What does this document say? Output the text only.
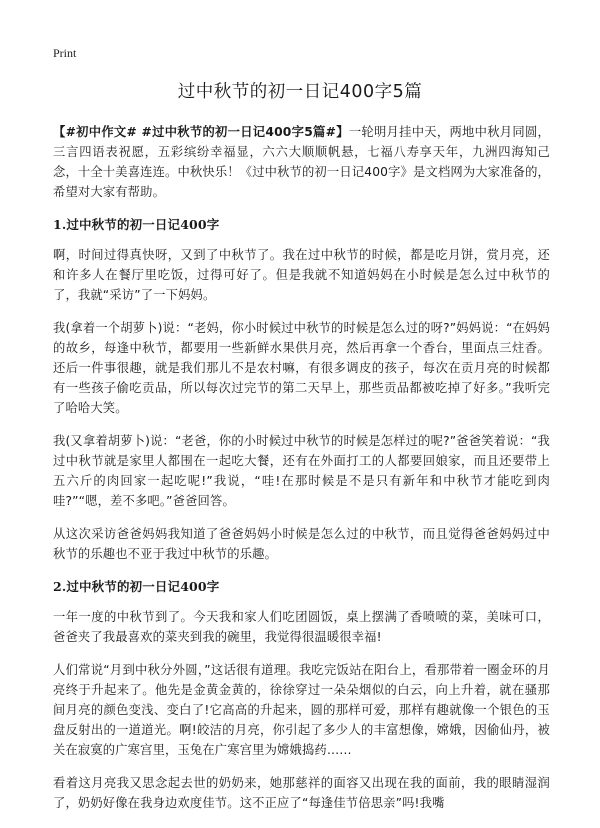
Print
过中秋节的初一日记400字5篇

【#初中作文# #过中秋节的初一日记400字5篇#】一轮明月挂中天，两地中秋月同圆，三言四语表祝愿，五彩缤纷幸福显，六六大顺顺帆悬，七福八寿享天年，九洲四海知己念，十全十美喜连连。中秋快乐！《过中秋节的初一日记400字》是文档网为大家准备的，希望对大家有帮助。

1.过中秋节的初一日记400字

啊，时间过得真快呀，又到了中秋节了。我在过中秋节的时候，都是吃月饼，赏月亮，还和许多人在餐厅里吃饭，过得可好了。但是我就不知道妈妈在小时候是怎么过中秋节的了，我就“采访”了一下妈妈。

我(拿着一个胡萝卜)说：“老妈，你小时候过中秋节的时候是怎么过的呀?”妈妈说：“在妈妈的故乡，每逢中秋节，都要用一些新鲜水果供月亮，然后再拿一个香台，里面点三炷香。还后一件事很趣，就是我们那儿不是农村嘛，有很多调皮的孩子，每次在贡月亮的时候都有一些孩子偷吃贡品，所以每次过完节的第二天早上，那些贡品都被吃掉了好多。”我听完了哈哈大笑。

我(又拿着胡萝卜)说：“老爸，你的小时候过中秋节的时候是怎样过的呢?”爸爸笑着说：“我过中秋节就是家里人都围在一起吃大餐，还有在外面打工的人都要回娘家，而且还要带上五六斤的肉回家一起吃呢!”我说，“哇!在那时候是不是只有新年和中秋节才能吃到肉哇?”“嗯，差不多吧。”爸爸回答。

从这次采访爸爸妈妈我知道了爸爸妈妈小时候是怎么过的中秋节，而且觉得爸爸妈妈过中秋节的乐趣也不亚于我过中秋节的乐趣。

2.过中秋节的初一日记400字

一年一度的中秋节到了。今天我和家人们吃团圆饭，桌上摆满了香喷喷的菜，美味可口，爸爸夹了我最喜欢的菜夹到我的碗里，我觉得很温暖很幸福!

人们常说“月到中秋分外圆，”这话很有道理。我吃完饭站在阳台上，看那带着一圈金环的月亮终于升起来了。他先是金黄金黄的，徐徐穿过一朵朵烟似的白云，向上升着，就在骚那间月亮的颜色变浅、变白了!它高高的升起来，圆的那样可爱，那样有趣就像一个银色的玉盘反射出的一道道光。啊!皎洁的月亮，你引起了多少人的丰富想像，嫦娥，因偷仙丹，被关在寂寞的广寒宫里，玉兔在广寒宫里为嫦娥捣药……

看着这月亮我又思念起去世的奶奶来，她那慈祥的面容又出现在我的面前，我的眼睛湿润了，奶奶好像在我身边欢度佳节。这不正应了“每逢佳节倍思亲”吗!我嘴
